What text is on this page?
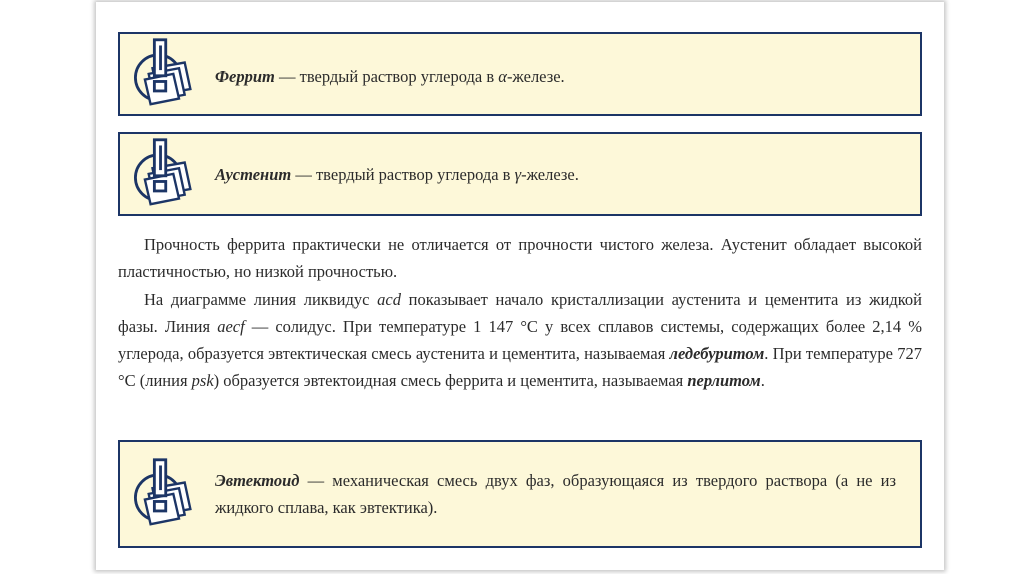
Феррит — твердый раствор углерода в α-железе.
Аустенит — твердый раствор углерода в γ-железе.

Прочность феррита практически не отличается от прочности чистого железа. Аустенит обладает высокой пластичностью, но низкой прочностью.

На диаграмме линия ликвидус acd показывает начало кристаллизации аустенита и цементита из жидкой фазы. Линия aecf — солидус. При температуре 1 147 °C у всех сплавов системы, содержащих более 2,14 % углерода, образуется эвтектическая смесь аустенита и цементита, называемая ледебуритом. При температуре 727 °C (линия psk) образуется эвтектоидная смесь феррита и цементита, называемая перлитом.

Эвтектоид — механическая смесь двух фаз, образующаяся из твердого раствора (а не из жидкого сплава, как эвтектика).
